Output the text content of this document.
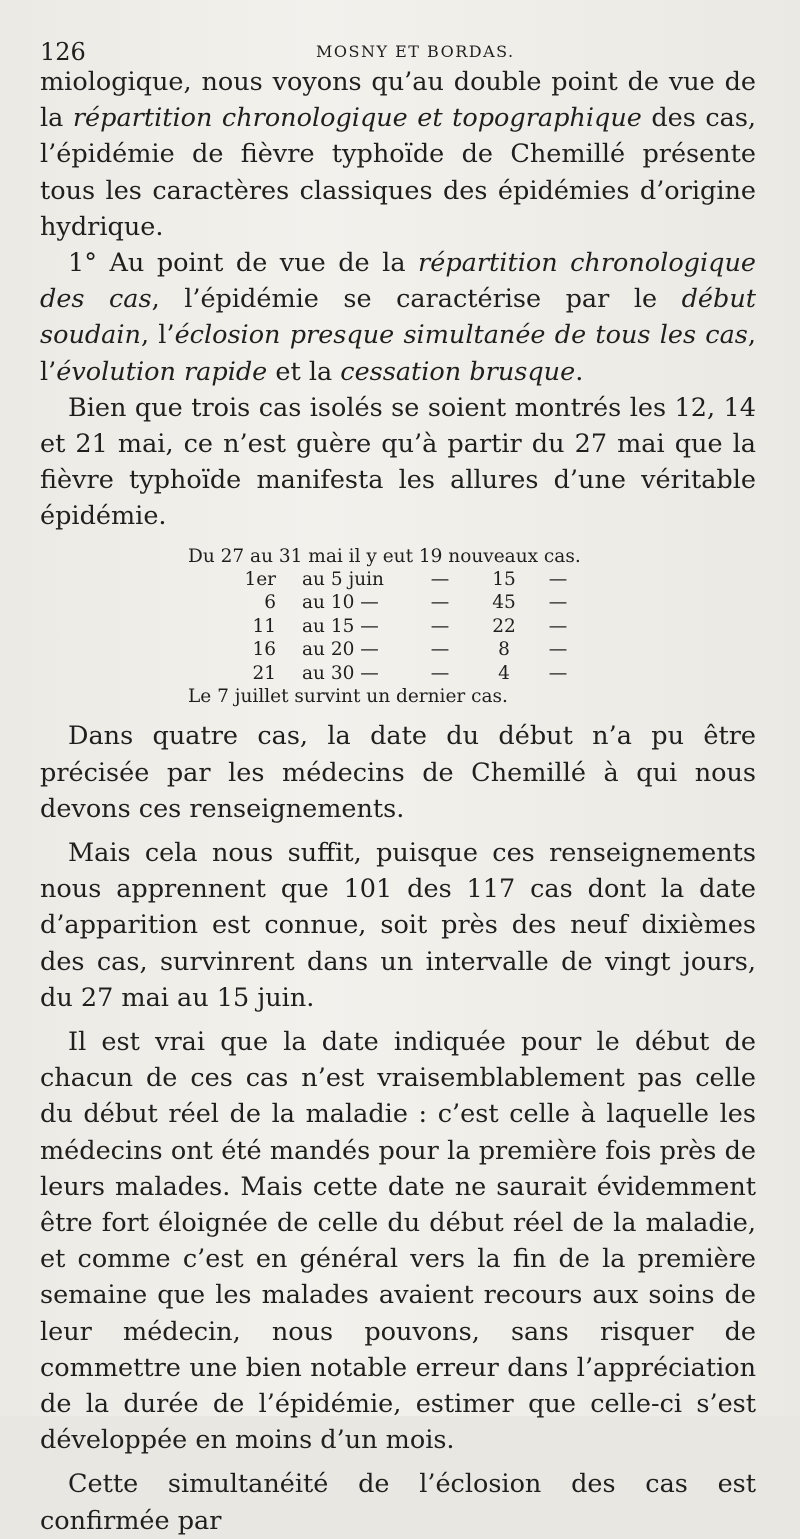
126	MOSNY ET BORDAS.

miologique, nous voyons qu’au double point de vue de la répartition chronologique et topographique des cas, l’épidémie de fièvre typhoïde de Chemillé présente tous les caractères classiques des épidémies d’origine hydrique.

1° Au point de vue de la répartition chronologique des cas, l’épidémie se caractérise par le début soudain, l’éclosion presque simultanée de tous les cas, l’évolution rapide et la cessation brusque.

Bien que trois cas isolés se soient montrés les 12, 14 et 21 mai, ce n’est guère qu’à partir du 27 mai que la fièvre typhoïde manifesta les allures d’une véritable épidémie.

Du 27 au 31 mai il y eut 19 nouveaux cas.
1er au 5 juin	—	15	—
6 au 10 —	—	45	—
11 au 15 —	—	22	—
16 au 20 —	—	8	—
21 au 30 —	—	4	—
Le 7 juillet survint un dernier cas.

Dans quatre cas, la date du début n’a pu être précisée par les médecins de Chemillé à qui nous devons ces renseignements.

Mais cela nous suffit, puisque ces renseignements nous apprennent que 101 des 117 cas dont la date d’apparition est connue, soit près des neuf dixièmes des cas, survinrent dans un intervalle de vingt jours, du 27 mai au 15 juin.

Il est vrai que la date indiquée pour le début de chacun de ces cas n’est vraisemblablement pas celle du début réel de la maladie : c’est celle à laquelle les médecins ont été mandés pour la première fois près de leurs malades. Mais cette date ne saurait évidemment être fort éloignée de celle du début réel de la maladie, et comme c’est en général vers la fin de la première semaine que les malades avaient recours aux soins de leur médecin, nous pouvons, sans risquer de commettre une bien notable erreur dans l’appréciation de la durée de l’épidémie, estimer que celle-ci s’est développée en moins d’un mois.

Cette simultanéité de l’éclosion des cas est confirmée par
